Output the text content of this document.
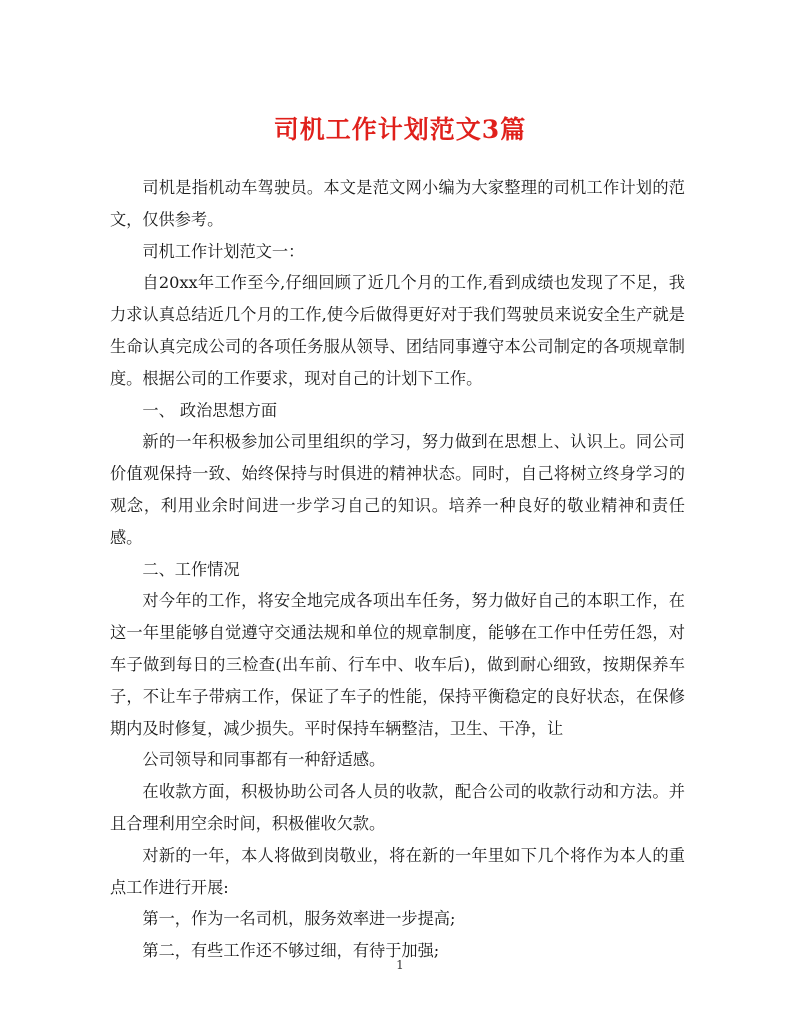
司机工作计划范文3篇

司机是指机动车驾驶员。本文是范文网小编为大家整理的司机工作计划的范文，仅供参考。

司机工作计划范文一：

自20xx年工作至今,仔细回顾了近几个月的工作,看到成绩也发现了不足，我力求认真总结近几个月的工作,使今后做得更好对于我们驾驶员来说安全生产就是生命认真完成公司的各项任务服从领导、团结同事遵守本公司制定的各项规章制度。根据公司的工作要求，现对自己的计划下工作。

一、 政治思想方面

新的一年积极参加公司里组织的学习，努力做到在思想上、认识上。同公司价值观保持一致、始终保持与时俱进的精神状态。同时，自己将树立终身学习的观念，利用业余时间进一步学习自己的知识。培养一种良好的敬业精神和责任感。

二、工作情况

对今年的工作，将安全地完成各项出车任务，努力做好自己的本职工作，在这一年里能够自觉遵守交通法规和单位的规章制度，能够在工作中任劳任怨，对车子做到每日的三检查(出车前、行车中、收车后)，做到耐心细致，按期保养车子，不让车子带病工作，保证了车子的性能，保持平衡稳定的良好状态，在保修期内及时修复，减少损失。平时保持车辆整洁，卫生、干净，让

公司领导和同事都有一种舒适感。

在收款方面，积极协助公司各人员的收款，配合公司的收款行动和方法。并且合理利用空余时间，积极催收欠款。

对新的一年，本人将做到岗敬业，将在新的一年里如下几个将作为本人的重点工作进行开展:

第一，作为一名司机，服务效率进一步提高;

第二，有些工作还不够过细，有待于加强;

1
